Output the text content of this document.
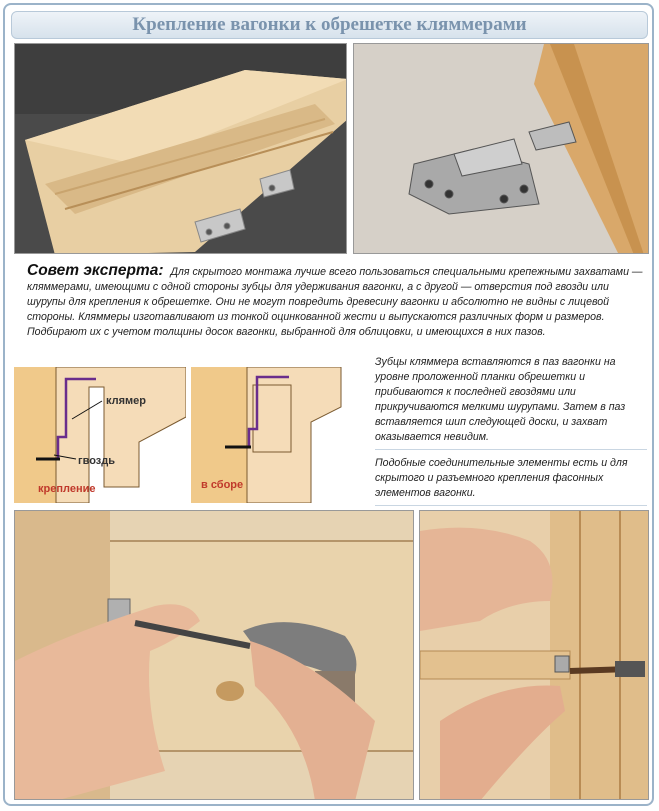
Крепление вагонки к обрешетке кляммерами
Совет эксперта: Для скрытого монтажа лучше всего пользоваться специальными крепежными захватами — кляммерами, имеющими с одной стороны зубцы для удерживания вагонки, а с другой — отверстия под гвозди или шурупы для крепления к обрешетке. Они не могут повредить древесину вагонки и абсолютно не видны с лицевой стороны. Кляммеры изготавливают из тонкой оцинкованной жести и выпускаются различных форм и размеров. Подбирают их с учетом толщины досок вагонки, выбранной для облицовки, и имеющихся в них пазов.
клямер
гвоздь
крепление	в сборе
Зубцы кляммера вставляются в паз вагонки на уровне проложенной планки обрешетки и прибиваются к последней гвоздями или прикручиваются мелкими шурупами. Затем в паз вставляется шип следующей доски, и захват оказывается невидим.
Подобные соединительные элементы есть и для скрытого и разъемного крепления фасонных элементов вагонки.
